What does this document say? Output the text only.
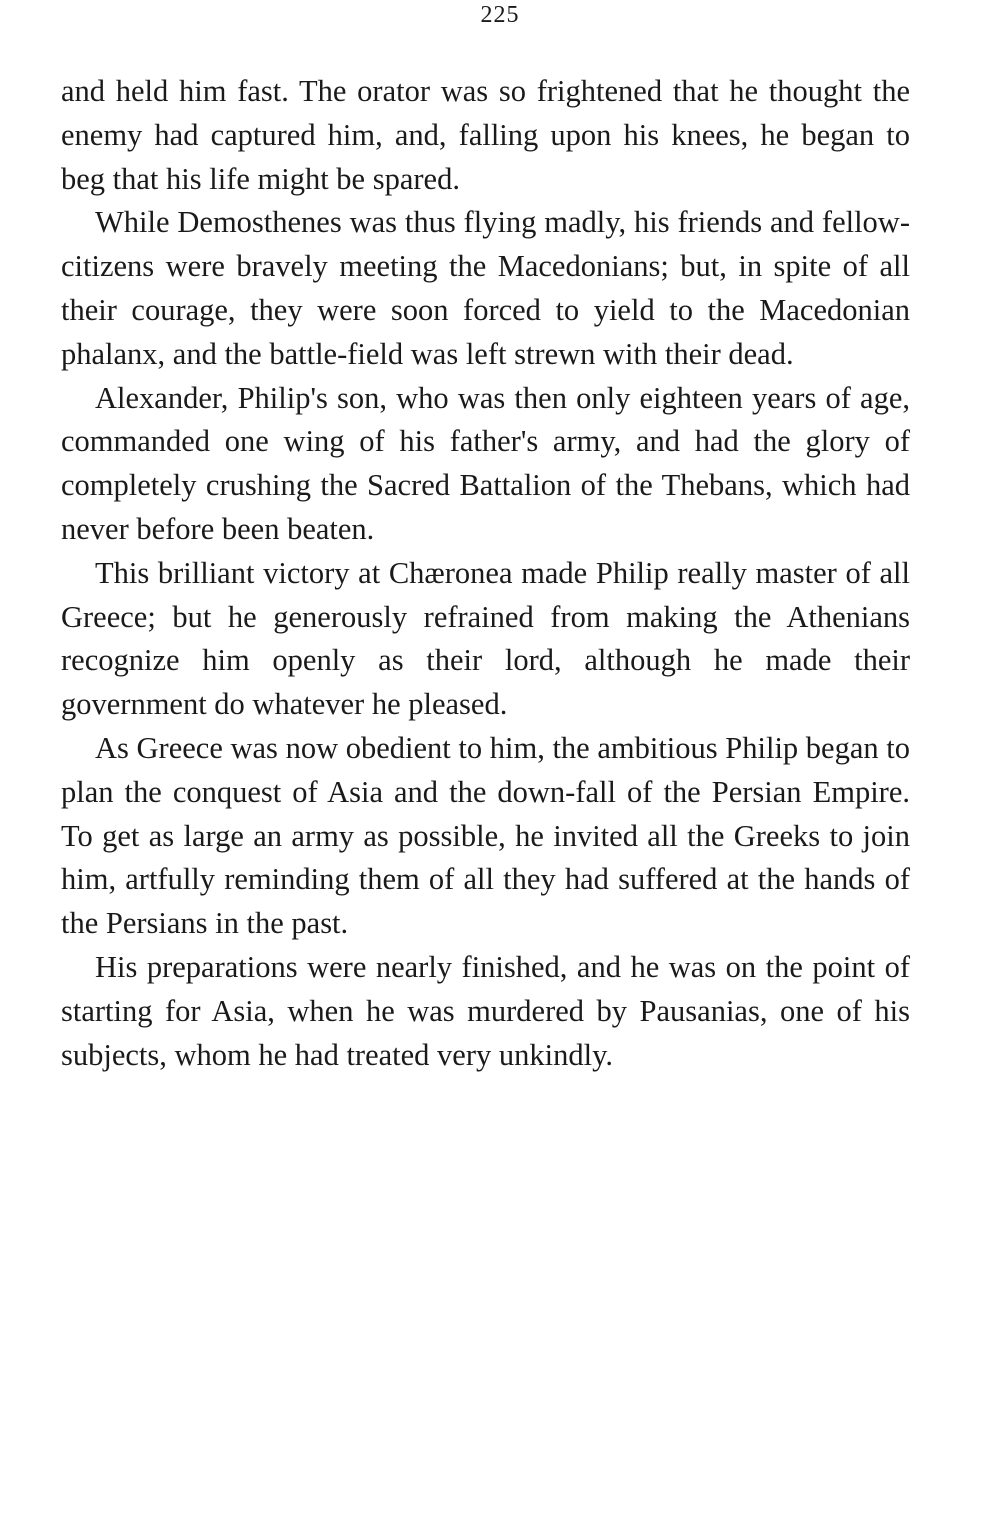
225

and held him fast. The orator was so frightened that he thought the enemy had captured him, and, falling upon his knees, he began to beg that his life might be spared.

While Demosthenes was thus flying madly, his friends and fellow-citizens were bravely meeting the Macedonians; but, in spite of all their courage, they were soon forced to yield to the Macedonian phalanx, and the battle-field was left strewn with their dead.

Alexander, Philip's son, who was then only eighteen years of age, commanded one wing of his father's army, and had the glory of completely crushing the Sacred Battalion of the Thebans, which had never before been beaten.

This brilliant victory at Chæronea made Philip really master of all Greece; but he generously refrained from making the Athenians recognize him openly as their lord, although he made their government do whatever he pleased.

As Greece was now obedient to him, the ambitious Philip began to plan the conquest of Asia and the down-fall of the Persian Empire. To get as large an army as possible, he invited all the Greeks to join him, artfully reminding them of all they had suffered at the hands of the Persians in the past.

His preparations were nearly finished, and he was on the point of starting for Asia, when he was murdered by Pausanias, one of his subjects, whom he had treated very unkindly.
